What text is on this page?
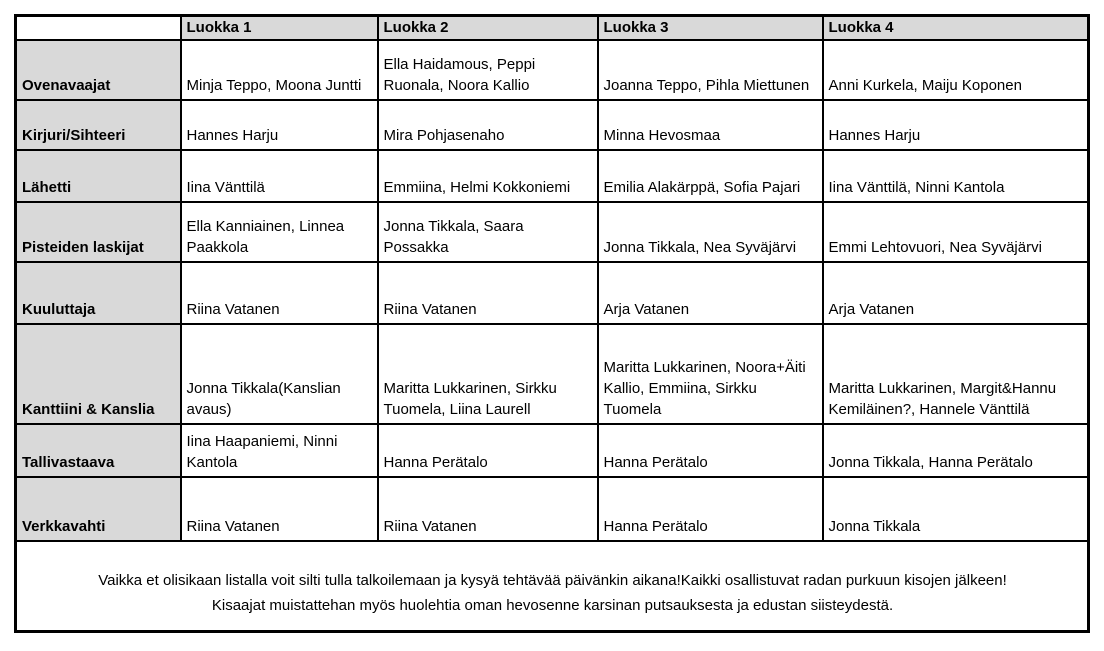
	Luokka 1	Luokka 2	Luokka 3	Luokka 4
Ovenavaajat	Minja Teppo, Moona Juntti	Ella Haidamous, Peppi Ruonala, Noora Kallio	Joanna Teppo, Pihla Miettunen	Anni Kurkela, Maiju Koponen
Kirjuri/Sihteeri	Hannes Harju	Mira Pohjasenaho	Minna Hevosmaa	Hannes Harju
Lähetti	Iina Vänttilä	Emmiina, Helmi Kokkoniemi	Emilia Alakärppä, Sofia Pajari	Iina Vänttilä, Ninni Kantola
Pisteiden laskijat	Ella Kanniainen, Linnea Paakkola	Jonna Tikkala, Saara Possakka	Jonna Tikkala, Nea Syväjärvi	Emmi Lehtovuori, Nea Syväjärvi
Kuuluttaja	Riina Vatanen	Riina Vatanen	Arja Vatanen	Arja Vatanen
Kanttiini & Kanslia	Jonna Tikkala(Kanslian avaus)	Maritta Lukkarinen, Sirkku Tuomela, Liina Laurell	Maritta Lukkarinen, Noora+Äiti Kallio, Emmiina, Sirkku Tuomela	Maritta Lukkarinen, Margit&Hannu Kemiläinen?, Hannele Vänttilä
Tallivastaava	Iina Haapaniemi, Ninni Kantola	Hanna Perätalo	Hanna Perätalo	Jonna Tikkala, Hanna Perätalo
Verkkavahti	Riina Vatanen	Riina Vatanen	Hanna Perätalo	Jonna Tikkala

Vaikka et olisikaan listalla voit silti tulla talkoilemaan ja kysyä tehtävää päivänkin aikana!Kaikki osallistuvat radan purkuun kisojen jälkeen!
Kisaajat muistattehan myös huolehtia oman hevosenne karsinan putsauksesta ja edustan siisteydestä.				
